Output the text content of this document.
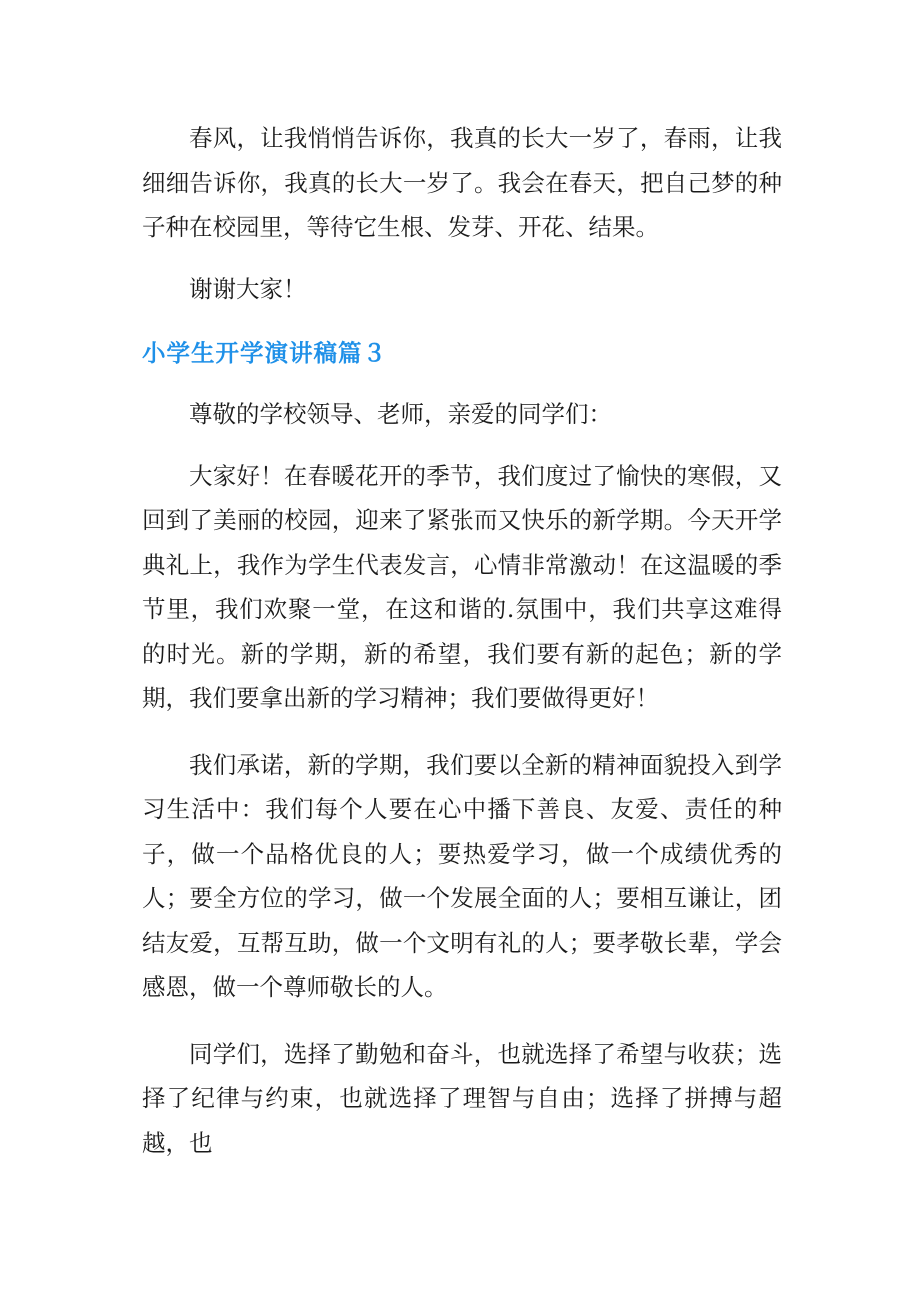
春风，让我悄悄告诉你，我真的长大一岁了，春雨，让我细细告诉你，我真的长大一岁了。我会在春天，把自己梦的种子种在校园里，等待它生根、发芽、开花、结果。

谢谢大家！

小学生开学演讲稿篇３

尊敬的学校领导、老师，亲爱的同学们：

大家好！在春暖花开的季节，我们度过了愉快的寒假，又回到了美丽的校园，迎来了紧张而又快乐的新学期。今天开学典礼上，我作为学生代表发言，心情非常激动！在这温暖的季节里，我们欢聚一堂，在这和谐的.氛围中，我们共享这难得的时光。新的学期，新的希望，我们要有新的起色；新的学期，我们要拿出新的学习精神；我们要做得更好！

我们承诺，新的学期，我们要以全新的精神面貌投入到学习生活中：我们每个人要在心中播下善良、友爱、责任的种子，做一个品格优良的人；要热爱学习，做一个成绩优秀的人；要全方位的学习，做一个发展全面的人；要相互谦让，团结友爱，互帮互助，做一个文明有礼的人；要孝敬长辈，学会感恩，做一个尊师敬长的人。

同学们，选择了勤勉和奋斗，也就选择了希望与收获；选择了纪律与约束，也就选择了理智与自由；选择了拼搏与超越，也
